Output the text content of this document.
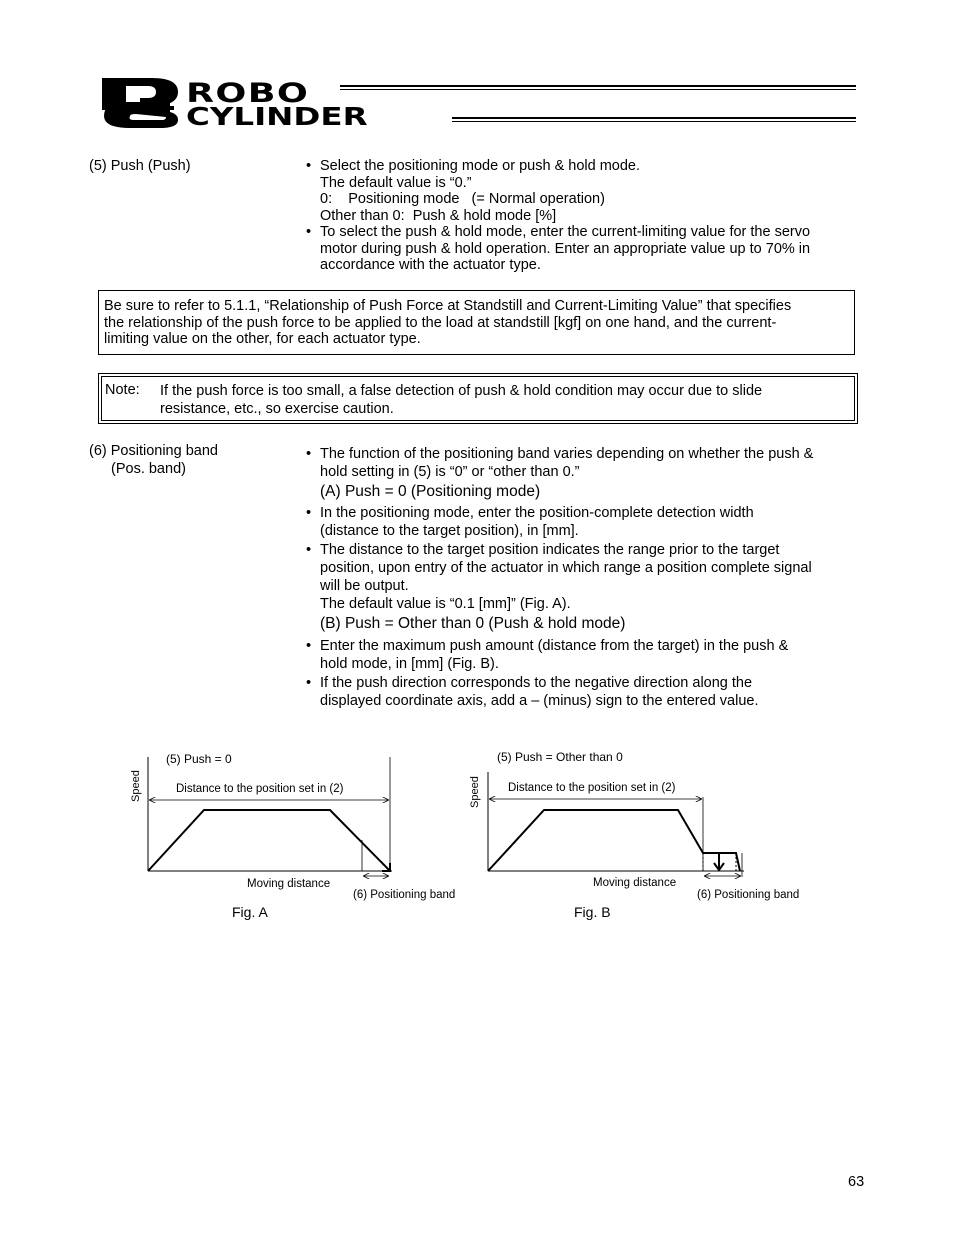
ROBO
CYLINDER
(5) Push (Push)	• Select the positioning mode or push & hold mode.
The default value is “0.”
0:    Positioning mode   (= Normal operation)
Other than 0:  Push & hold mode [%]
• To select the push & hold mode, enter the current-limiting value for the servo
motor during push & hold operation. Enter an appropriate value up to 70% in
accordance with the actuator type.
Be sure to refer to 5.1.1, “Relationship of Push Force at Standstill and Current-Limiting Value” that specifies
the relationship of the push force to be applied to the load at standstill [kgf] on one hand, and the current-
limiting value on the other, for each actuator type.
Note: If the push force is too small, a false detection of push & hold condition may occur due to slide
resistance, etc., so exercise caution.
(6) Positioning band
(Pos. band)
• The function of the positioning band varies depending on whether the push &
hold setting in (5) is “0” or “other than 0.”
(A) Push = 0 (Positioning mode)
• In the positioning mode, enter the position-complete detection width
(distance to the target position), in [mm].
• The distance to the target position indicates the range prior to the target
position, upon entry of the actuator in which range a position complete signal
will be output.
The default value is “0.1 [mm]” (Fig. A).
(B) Push = Other than 0 (Push & hold mode)
• Enter the maximum push amount (distance from the target) in the push &
hold mode, in [mm] (Fig. B).
• If the push direction corresponds to the negative direction along the
displayed coordinate axis, add a – (minus) sign to the entered value.
(5) Push = 0
Speed	Distance to the position set in (2)
Moving distance
(6) Positioning band
Fig. A
(5) Push = Other than 0
Speed Distance to the position set in (2)
Moving distance
(6) Positioning band
Fig. B
63
